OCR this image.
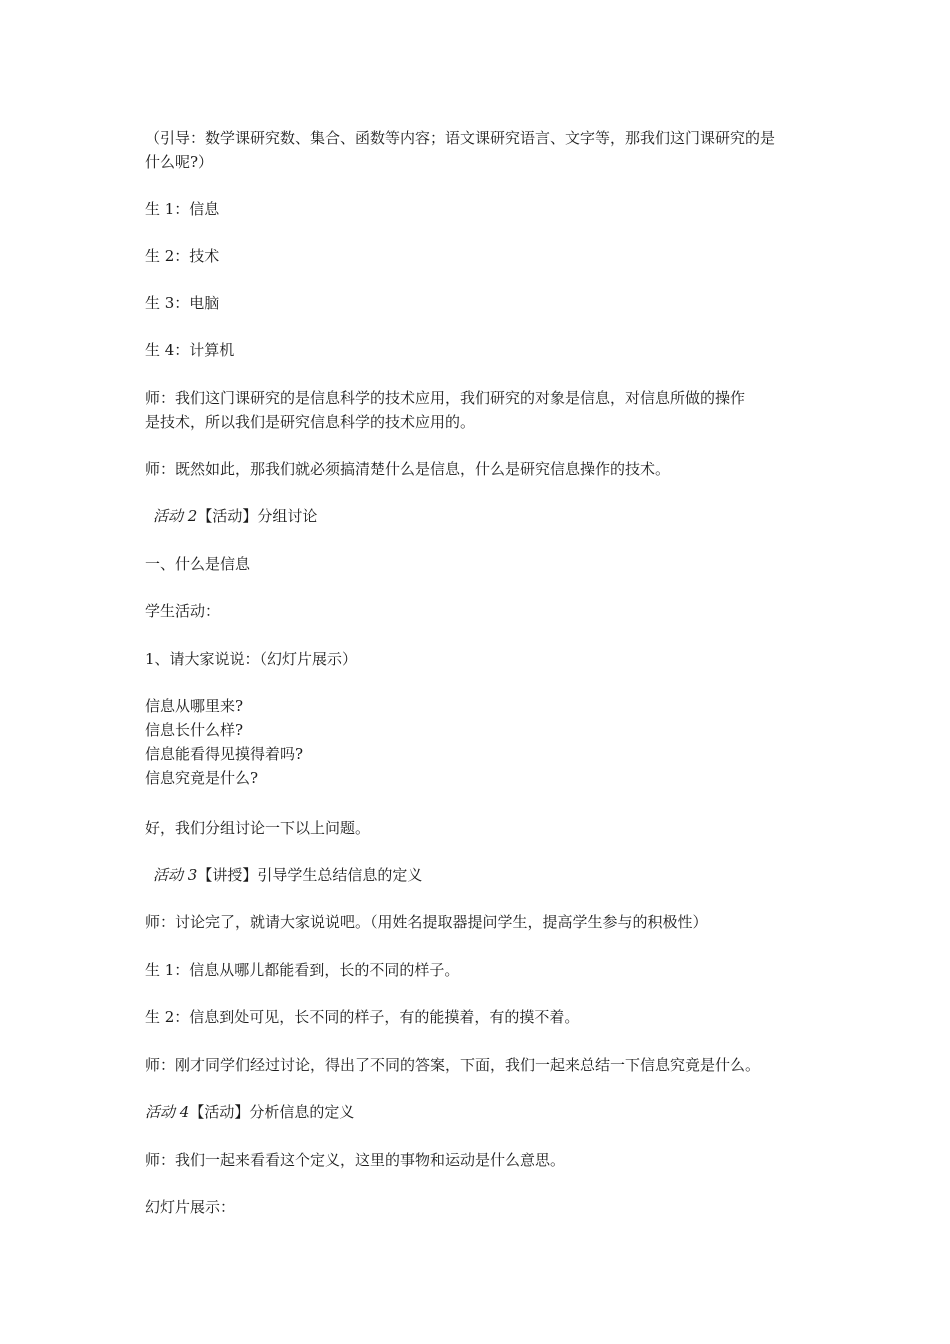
（引导：数学课研究数、集合、函数等内容；语文课研究语言、文字等，那我们这门课研究的是
什么呢?）

生 1：信息

生 2：技术

生 3：电脑

生 4：计算机

师：我们这门课研究的是信息科学的技术应用，我们研究的对象是信息，对信息所做的操作
是技术，所以我们是研究信息科学的技术应用的。

师：既然如此，那我们就必须搞清楚什么是信息，什么是研究信息操作的技术。

活动 2【活动】分组讨论

一、什么是信息

学生活动：

1、请大家说说：（幻灯片展示）

信息从哪里来?
信息长什么样?
信息能看得见摸得着吗?
信息究竟是什么?

好，我们分组讨论一下以上问题。

活动 3【讲授】引导学生总结信息的定义

师：讨论完了，就请大家说说吧。（用姓名提取器提问学生，提高学生参与的积极性）

生 1：信息从哪儿都能看到，长的不同的样子。

生 2：信息到处可见，长不同的样子，有的能摸着，有的摸不着。

师：刚才同学们经过讨论，得出了不同的答案，下面，我们一起来总结一下信息究竟是什么。

活动 4【活动】分析信息的定义

师：我们一起来看看这个定义，这里的事物和运动是什么意思。

幻灯片展示：
